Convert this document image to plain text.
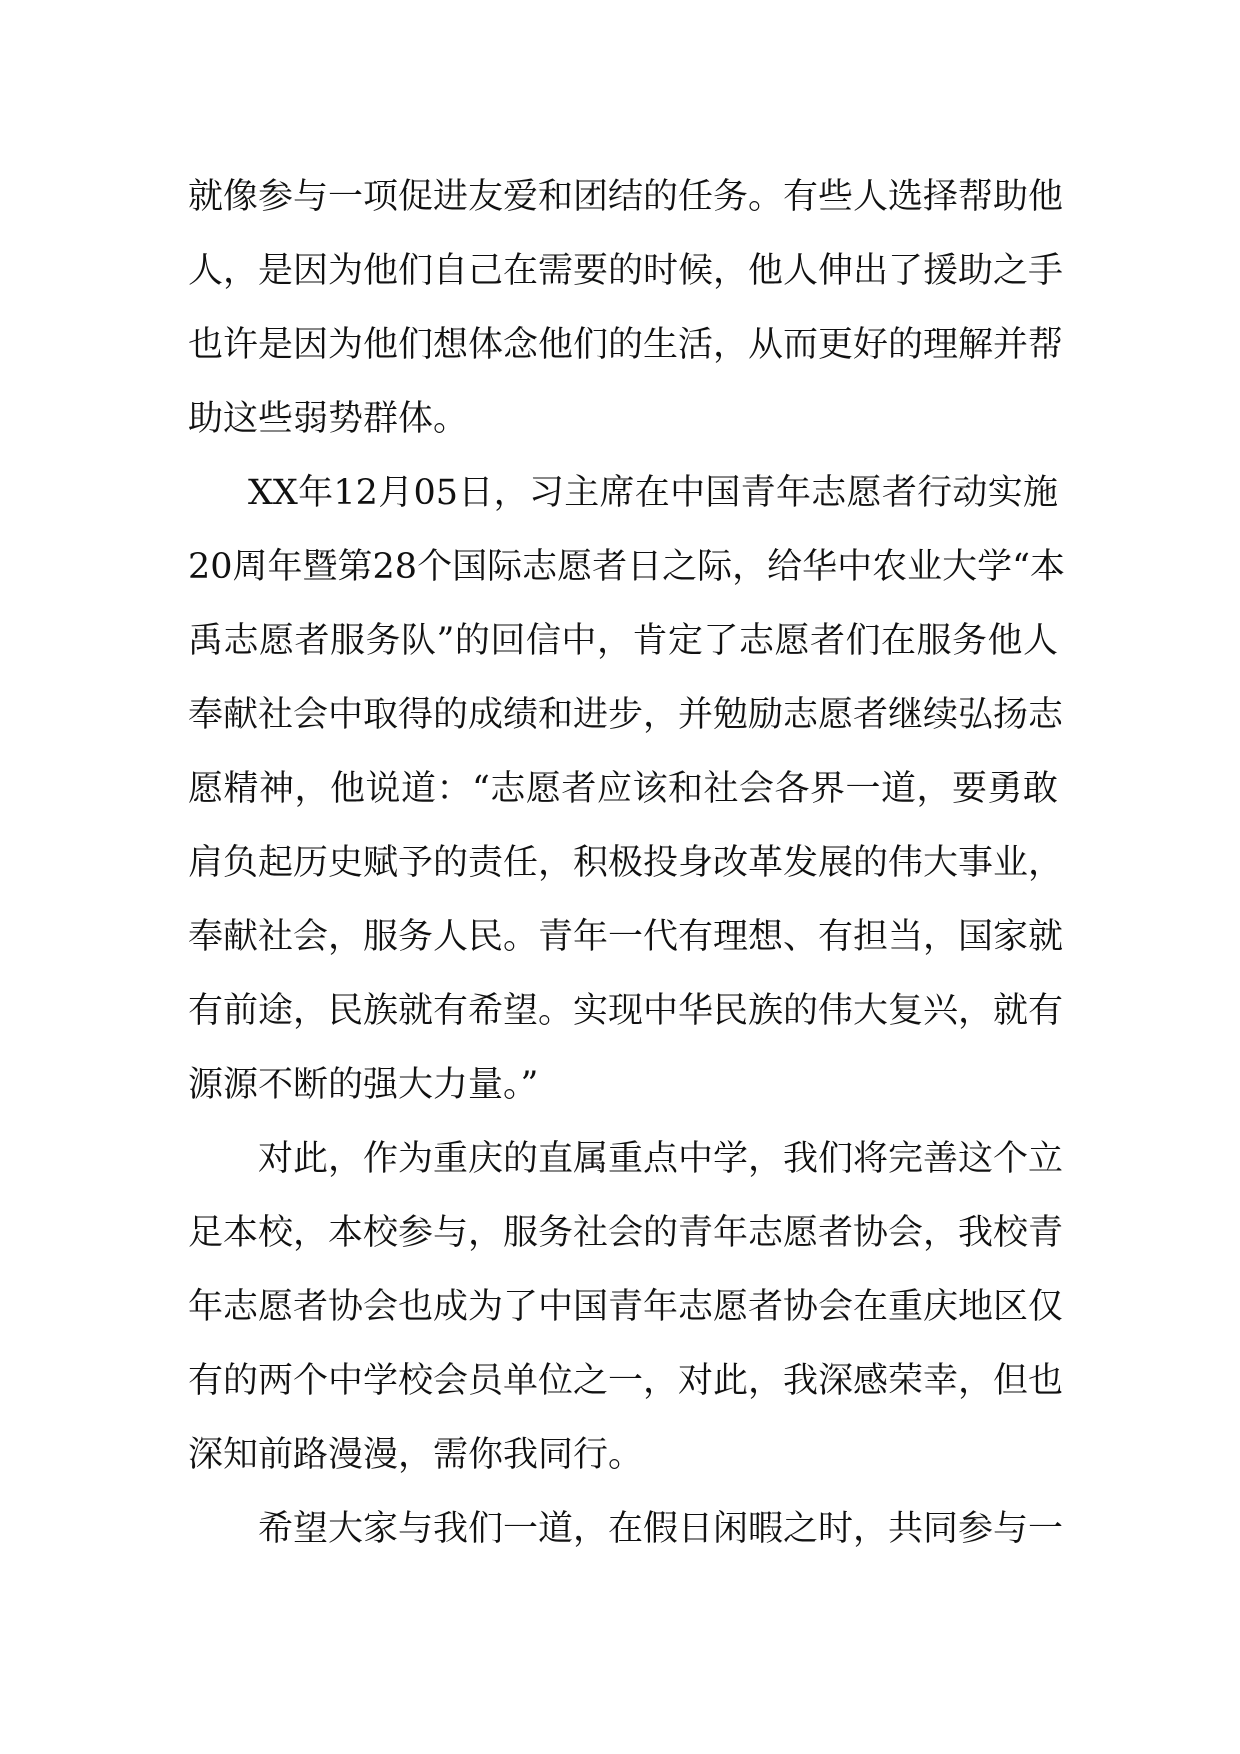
就像参与一项促进友爱和团结的任务。有些人选择帮助他
人，是因为他们自己在需要的时候，他人伸出了援助之手
也许是因为他们想体念他们的生活，从而更好的理解并帮
助这些弱势群体。
XX年12月05日，习主席在中国青年志愿者行动实施
20周年暨第28个国际志愿者日之际，给华中农业大学“本
禹志愿者服务队”的回信中，肯定了志愿者们在服务他人
奉献社会中取得的成绩和进步，并勉励志愿者继续弘扬志
愿精神，他说道：“志愿者应该和社会各界一道，要勇敢
肩负起历史赋予的责任，积极投身改革发展的伟大事业，
奉献社会，服务人民。青年一代有理想、有担当，国家就
有前途，民族就有希望。实现中华民族的伟大复兴，就有
源源不断的强大力量。”
对此，作为重庆的直属重点中学，我们将完善这个立
足本校，本校参与，服务社会的青年志愿者协会，我校青
年志愿者协会也成为了中国青年志愿者协会在重庆地区仅
有的两个中学校会员单位之一，对此，我深感荣幸，但也
深知前路漫漫，需你我同行。
希望大家与我们一道，在假日闲暇之时，共同参与一
